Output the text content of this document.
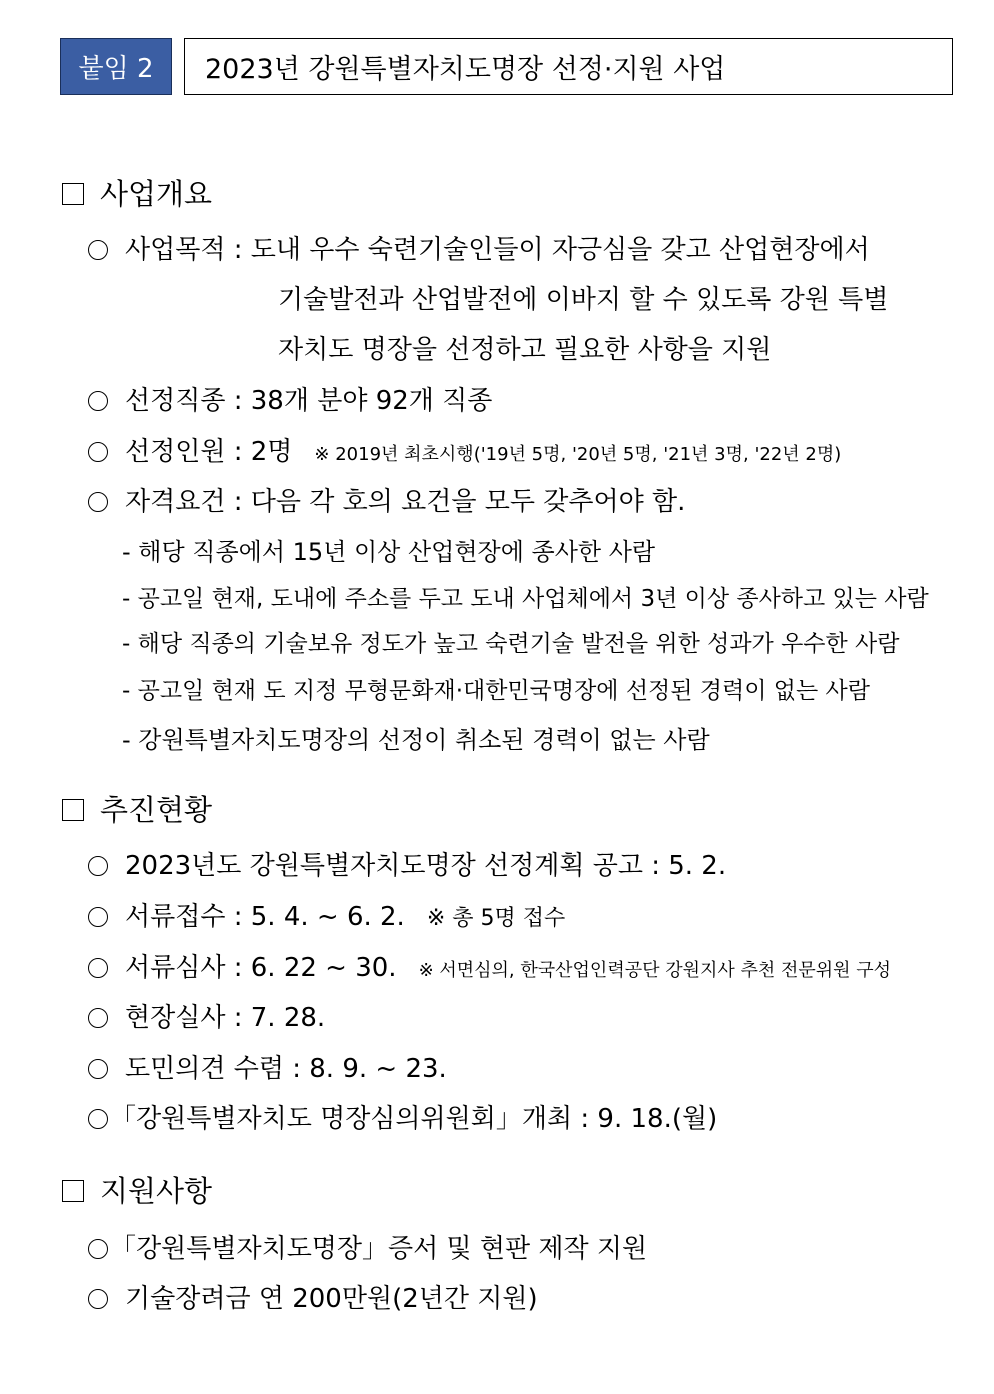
붙임 2	2023년 강원특별자치도명장 선정·지원 사업
사업개요
사업목적 : 도내 우수 숙련기술인들이 자긍심을 갖고 산업현장에서
기술발전과 산업발전에 이바지 할 수 있도록 강원 특별
자치도 명장을 선정하고 필요한 사항을 지원
선정직종 : 38개 분야 92개 직종
선정인원 : 2명 ※ 2019년 최초시행('19년 5명, '20년 5명, '21년 3명, '22년 2명)
자격요건 : 다음 각 호의 요건을 모두 갖추어야 함.
- 해당 직종에서 15년 이상 산업현장에 종사한 사람
- 공고일 현재, 도내에 주소를 두고 도내 사업체에서 3년 이상 종사하고 있는 사람
- 해당 직종의 기술보유 정도가 높고 숙련기술 발전을 위한 성과가 우수한 사람
- 공고일 현재 도 지정 무형문화재·대한민국명장에 선정된 경력이 없는 사람
- 강원특별자치도명장의 선정이 취소된 경력이 없는 사람
추진현황
2023년도 강원특별자치도명장 선정계획 공고 : 5. 2.
서류접수 : 5. 4. ~ 6. 2. ※ 총 5명 접수
서류심사 : 6. 22 ~ 30. ※ 서면심의, 한국산업인력공단 강원지사 추천 전문위원 구성
현장실사 : 7. 28.
도민의견 수렴 : 8. 9. ~ 23.
「강원특별자치도 명장심의위원회」개최 : 9. 18.(월)
지원사항
「강원특별자치도명장」증서 및 현판 제작 지원
기술장려금 연 200만원(2년간 지원)
